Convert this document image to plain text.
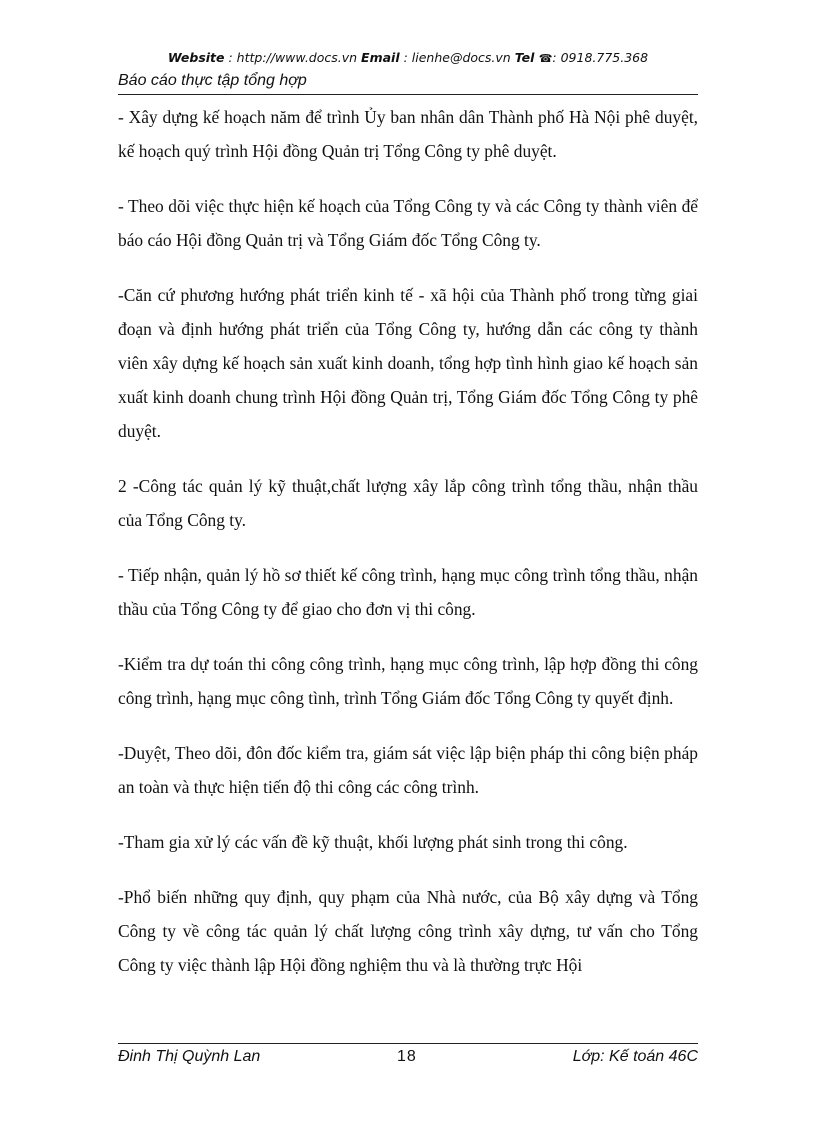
Website : http://www.docs.vn Email : lienhe@docs.vn Tel ☎: 0918.775.368
Báo cáo thực tập tổng hợp

- Xây dựng kế hoạch năm để trình Ủy ban nhân dân Thành phố Hà Nội phê duyệt, kế hoạch quý trình Hội đồng Quản trị Tổng Công ty phê duyệt.

- Theo dõi việc thực hiện kế hoạch của Tổng Công ty và các Công ty thành viên để báo cáo Hội đồng Quản trị và Tổng Giám đốc Tổng Công ty.

-Căn cứ phương hướng phát triển kinh tế - xã hội của Thành phố trong từng giai đoạn và định hướng phát triển của Tổng Công ty, hướng dẫn các công ty thành viên xây dựng kế hoạch sản xuất kinh doanh, tổng hợp tình hình giao kế hoạch sản xuất kinh doanh chung trình Hội đồng Quản trị, Tổng Giám đốc Tổng Công ty phê duyệt.

2 -Công tác quản lý kỹ thuật,chất lượng xây lắp công trình tổng thầu, nhận thầu của Tổng Công ty.

- Tiếp nhận, quản lý hồ sơ thiết kế công trình, hạng mục công trình tổng thầu, nhận thầu của Tổng Công ty để giao cho đơn vị thi công.

-Kiểm tra dự toán thi công công trình, hạng mục công trình, lập hợp đồng thi công công trình, hạng mục công tình, trình Tổng Giám đốc Tổng Công ty quyết định.

-Duyệt, Theo dõi, đôn đốc kiểm tra, giám sát việc lập biện pháp thi công biện pháp an toàn và thực hiện tiến độ thi công các công trình.

-Tham gia xử lý các vấn đề kỹ thuật, khối lượng phát sinh trong thi công.

-Phổ biến những quy định, quy phạm của Nhà nước, của Bộ xây dựng và Tổng Công ty về công tác quản lý chất lượng công trình xây dựng, tư vấn cho Tổng Công ty việc thành lập Hội đồng nghiệm thu và là thường trực Hội

Đinh Thị Quỳnh Lan	18	Lớp: Kế toán 46C
